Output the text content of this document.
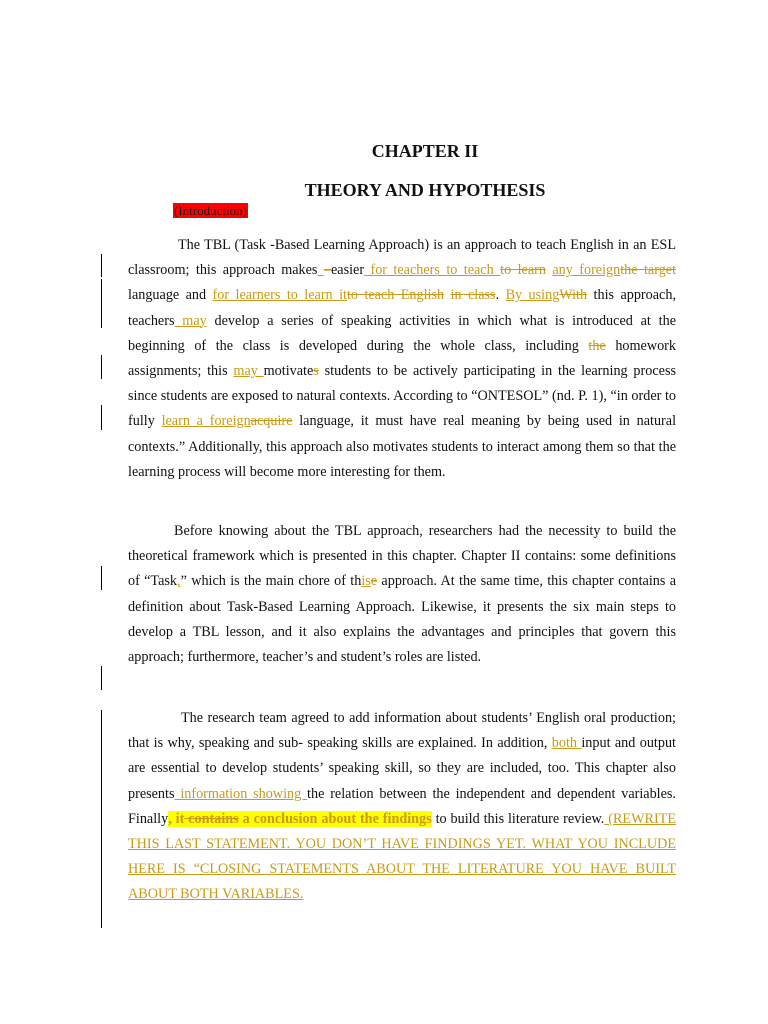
CHAPTER II
THEORY AND HYPOTHESIS
(Introduction)
The TBL (Task -Based Learning Approach) is an approach to teach English in an ESL classroom; this approach makes –easier for teachers to teach to learn any foreignthe target language and for learners to learn itto teach English in class. By usingWith this approach, teachers may develop a series of speaking activities in which what is introduced at the beginning of the class is developed during the whole class, including the homework assignments; this may motivates students to be actively participating in the learning process since students are exposed to natural contexts. According to “ONTESOL” (nd. P. 1), “in order to fully learn a foreignacquire language, it must have real meaning by being used in natural contexts.” Additionally, this approach also motivates students to interact among them so that the learning process will become more interesting for them.
Before knowing about the TBL approach, researchers had the necessity to build the theoretical framework which is presented in this chapter. Chapter II contains: some definitions of “Task,” which is the main chore of thise approach. At the same time, this chapter contains a definition about Task-Based Learning Approach. Likewise, it presents the six main steps to develop a TBL lesson, and it also explains the advantages and principles that govern this approach; furthermore, teacher’s and student’s roles are listed.
The research team agreed to add information about students’ English oral production; that is why, speaking and sub- speaking skills are explained. In addition, both input and output are essential to develop students’ speaking skill, so they are included, too. This chapter also presents information showing the relation between the independent and dependent variables. Finally, it contains a conclusion about the findings to build this literature review. (REWRITE THIS LAST STATEMENT. YOU DON’T HAVE FINDINGS YET. WHAT YOU INCLUDE HERE IS “CLOSING STATEMENTS ABOUT THE LITERATURE YOU HAVE BUILT ABOUT BOTH VARIABLES.
